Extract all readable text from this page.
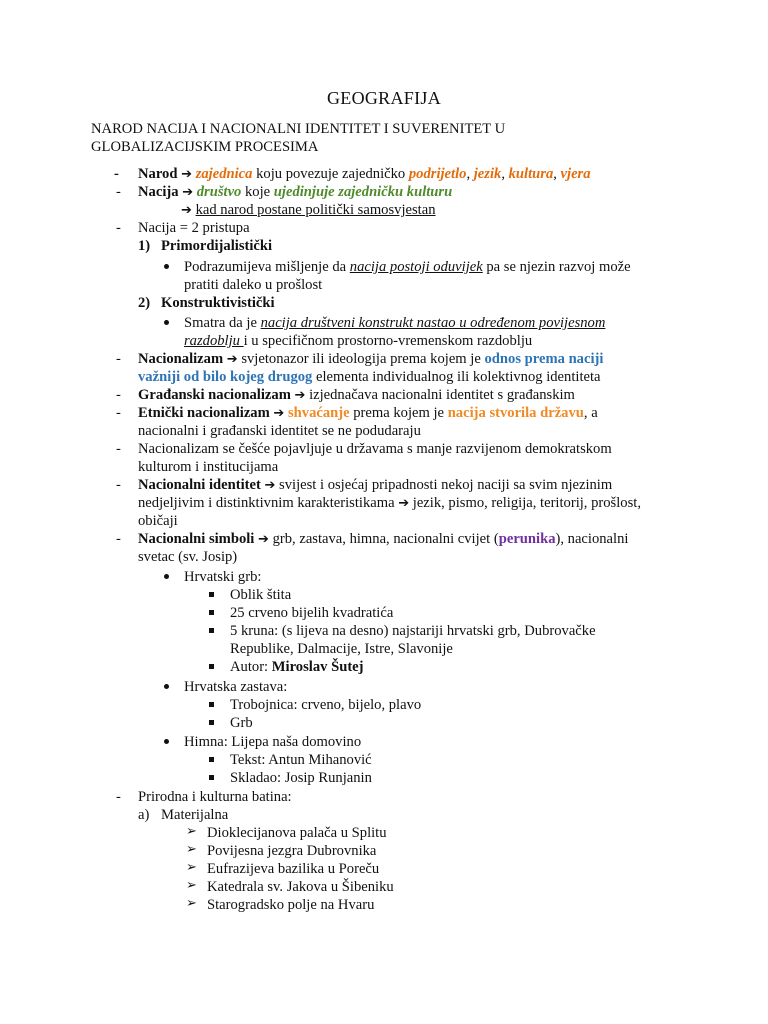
GEOGRAFIJA
NAROD NACIJA I NACIONALNI IDENTITET I SUVERENITET U GLOBALIZACIJSKIM PROCESIMA
- Narod ➔ zajednica koju povezuje zajedničko podrijetlo, jezik, kultura, vjera
- Nacija ➔ društvo koje ujedinjuje zajedničku kulturu
➔ kad narod postane politički samosvjestan
- Nacija = 2 pristupa
1) Primordijalistički
Podrazumijeva mišljenje da nacija postoji oduvijek pa se njezin razvoj može
pratiti daleko u prošlost
2) Konstruktivistički
Smatra da je nacija društveni konstrukt nastao u određenom povijesnom
razdoblju i u specifičnom prostorno-vremenskom razdoblju
- Nacionalizam ➔ svjetonazor ili ideologija prema kojem je odnos prema naciji
važniji od bilo kojeg drugog elementa individualnog ili kolektivnog identiteta
- Građanski nacionalizam ➔ izjednačava nacionalni identitet s građanskim
- Etnički nacionalizam ➔ shvaćanje prema kojem je nacija stvorila državu, a
nacionalni i građanski identitet se ne podudaraju
- Nacionalizam se češće pojavljuje u državama s manje razvijenom demokratskom
kulturom i institucijama
- Nacionalni identitet ➔ svijest i osjećaj pripadnosti nekoj naciji sa svim njezinim
nedjeljivim i distinktivnim karakteristikama ➔ jezik, pismo, religija, teritorij, prošlost,
običaji
- Nacionalni simboli ➔ grb, zastava, himna, nacionalni cvijet (perunika), nacionalni
svetac (sv. Josip)
Hrvatski grb:
Oblik štita
25 crveno bijelih kvadratića
5 kruna: (s lijeva na desno) najstariji hrvatski grb, Dubrovačke
Republike, Dalmacije, Istre, Slavonije
Autor: Miroslav Šutej
Hrvatska zastava:
Trobojnica: crveno, bijelo, plavo
Grb
Himna: Lijepa naša domovino
Tekst: Antun Mihanović
Skladao: Josip Runjanin
- Prirodna i kulturna batina:
a) Materijalna
➢ Dioklecijanova palača u Splitu
➢ Povijesna jezgra Dubrovnika
➢ Eufrazijeva bazilika u Poreču
➢ Katedrala sv. Jakova u Šibeniku
➢ Starogradsko polje na Hvaru
